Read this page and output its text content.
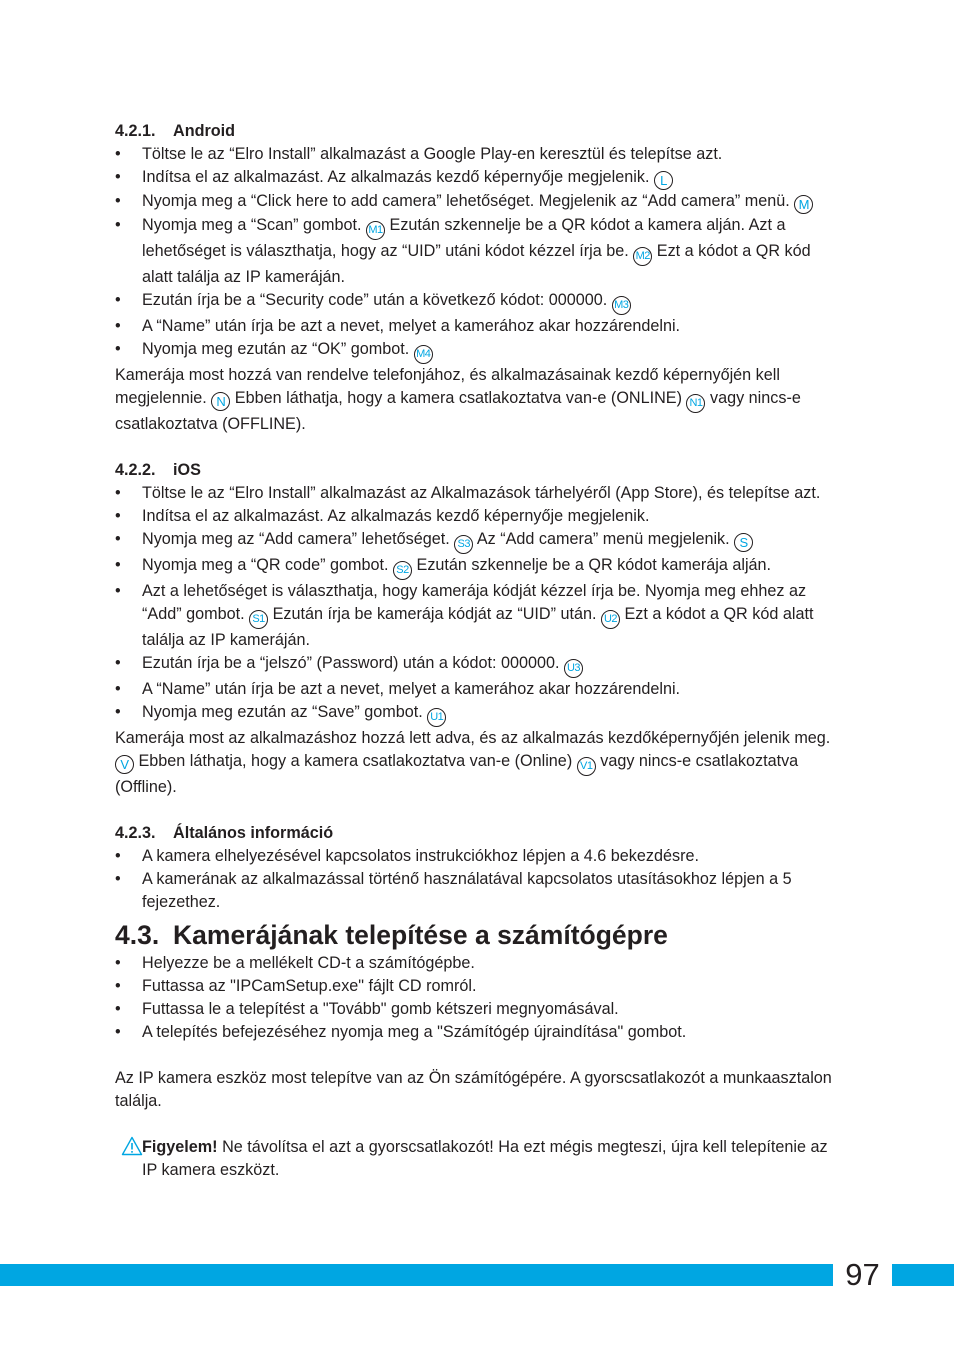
4.2.1. Android
• Töltse le az “Elro Install” alkalmazást a Google Play-en keresztül és telepítse azt.
• Indítsa el az alkalmazást. Az alkalmazás kezdő képernyője megjelenik. L
• Nyomja meg a “Click here to add camera” lehetőséget. Megjelenik az “Add camera” menü. M
• Nyomja meg a “Scan” gombot. M1 Ezután szkennelje be a QR kódot a kamera alján. Azt a lehetőséget is választhatja, hogy az “UID” utáni kódot kézzel írja be. M2 Ezt a kódot a QR kód alatt találja az IP kameráján.
• Ezután írja be a “Security code” után a következő kódot: 000000. M3
• A “Name” után írja be azt a nevet, melyet a kamerához akar hozzárendelni.
• Nyomja meg ezután az “OK” gombot. M4

Kamerája most hozzá van rendelve telefonjához, és alkalmazásainak kezdő képernyőjén kell megjelennie. N Ebben láthatja, hogy a kamera csatlakoztatva van-e (ONLINE) N1 vagy nincs-e csatlakoztatva (OFFLINE).

4.2.2. iOS
• Töltse le az “Elro Install” alkalmazást az Alkalmazások tárhelyéről (App Store), és telepítse azt.
• Indítsa el az alkalmazást. Az alkalmazás kezdő képernyője megjelenik.
• Nyomja meg az “Add camera” lehetőséget. S3 Az “Add camera” menü megjelenik. S
• Nyomja meg a “QR code” gombot. S2 Ezután szkennelje be a QR kódot kamerája alján.
• Azt a lehetőséget is választhatja, hogy kamerája kódját kézzel írja be. Nyomja meg ehhez az “Add” gombot. S1 Ezután írja be kamerája kódját az “UID” után. U2 Ezt a kódot a QR kód alatt találja az IP kameráján.
• Ezután írja be a “jelszó” (Password) után a kódot: 000000. U3
• A “Name” után írja be azt a nevet, melyet a kamerához akar hozzárendelni.
• Nyomja meg ezután az “Save” gombot. U1

Kamerája most az alkalmazáshoz hozzá lett adva, és az alkalmazás kezdőképernyőjén jelenik meg. V Ebben láthatja, hogy a kamera csatlakoztatva van-e (Online) V1 vagy nincs-e csatlakoztatva (Offline).

4.2.3. Általános információ
• A kamera elhelyezésével kapcsolatos instrukciókhoz lépjen a 4.6 bekezdésre.
• A kamerának az alkalmazással történő használatával kapcsolatos utasításokhoz lépjen a 5 fejezethez.
4.3. Kamerájának telepítése a számítógépre
• Helyezze be a mellékelt CD-t a számítógépbe.
• Futtassa az "IPCamSetup.exe" fájlt CD romról.
• Futtassa le a telepítést a "Tovább" gomb kétszeri megnyomásával.
• A telepítés befejezéséhez nyomja meg a "Számítógép újraindítása" gombot.

Az IP kamera eszköz most telepítve van az Ön számítógépére. A gyorscsatlakozót a munkaasztalon találja.

Figyelem! Ne távolítsa el azt a gyorscsatlakozót! Ha ezt mégis megteszi, újra kell telepítenie az IP kamera eszközt.

97
